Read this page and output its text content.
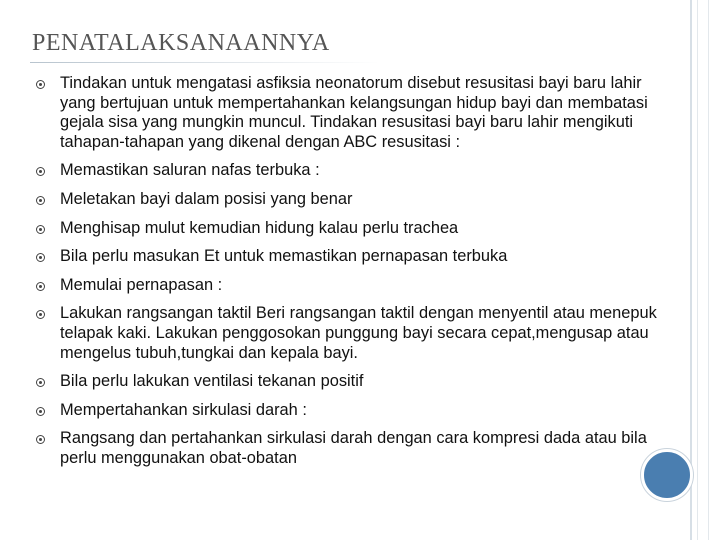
PENATALAKSANAANNYA
Tindakan untuk mengatasi asfiksia neonatorum disebut resusitasi bayi baru lahir yang bertujuan untuk mempertahankan kelangsungan hidup bayi dan membatasi gejala sisa yang mungkin muncul. Tindakan resusitasi bayi baru lahir mengikuti tahapan-tahapan yang dikenal dengan ABC resusitasi :
Memastikan saluran nafas terbuka :
Meletakan bayi dalam posisi yang benar
Menghisap mulut kemudian hidung kalau perlu trachea
Bila perlu masukan Et untuk memastikan pernapasan terbuka
Memulai pernapasan :
Lakukan rangsangan taktil Beri rangsangan taktil dengan menyentil atau menepuk telapak kaki. Lakukan penggosokan punggung bayi secara cepat,mengusap atau mengelus tubuh,tungkai dan kepala bayi.
Bila perlu lakukan ventilasi tekanan positif
Mempertahankan sirkulasi darah :
Rangsang dan pertahankan sirkulasi darah dengan cara kompresi dada atau bila perlu menggunakan obat-obatan
